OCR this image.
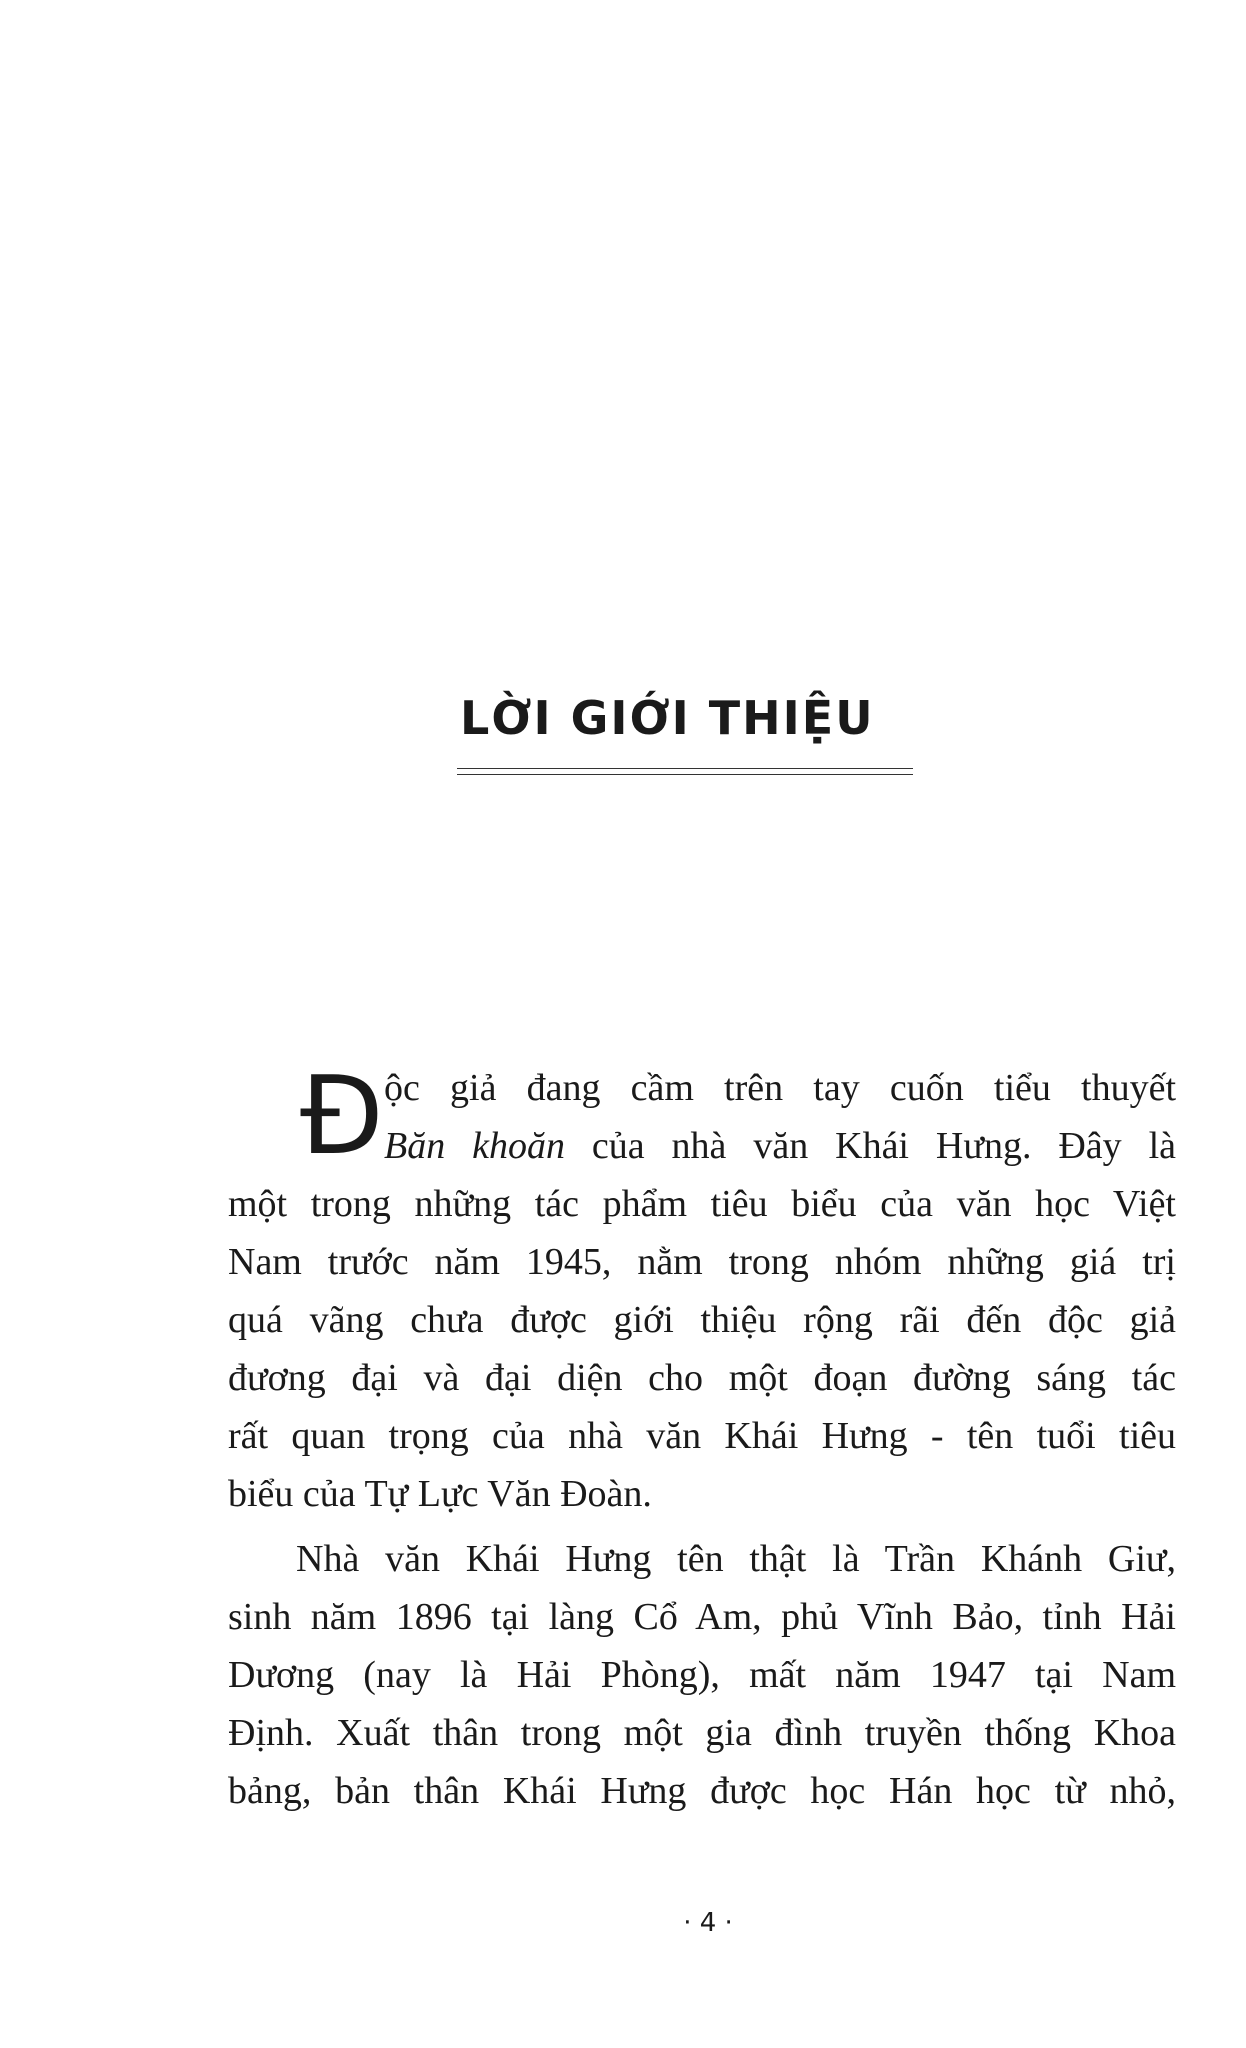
LỜI GIỚI THIỆU
Đ ộc giả đang cầm trên tay cuốn tiểu thuyết
Băn khoăn của nhà văn Khái Hưng. Đây là
một trong những tác phẩm tiêu biểu của văn học Việt
Nam trước năm 1945, nằm trong nhóm những giá trị
quá vãng chưa được giới thiệu rộng rãi đến độc giả
đương đại và đại diện cho một đoạn đường sáng tác
rất quan trọng của nhà văn Khái Hưng - tên tuổi tiêu
biểu của Tự Lực Văn Đoàn.
Nhà văn Khái Hưng tên thật là Trần Khánh Giư,
sinh năm 1896 tại làng Cổ Am, phủ Vĩnh Bảo, tỉnh Hải
Dương (nay là Hải Phòng), mất năm 1947 tại Nam
Định. Xuất thân trong một gia đình truyền thống Khoa
bảng, bản thân Khái Hưng được học Hán học từ nhỏ,
· 4 ·
